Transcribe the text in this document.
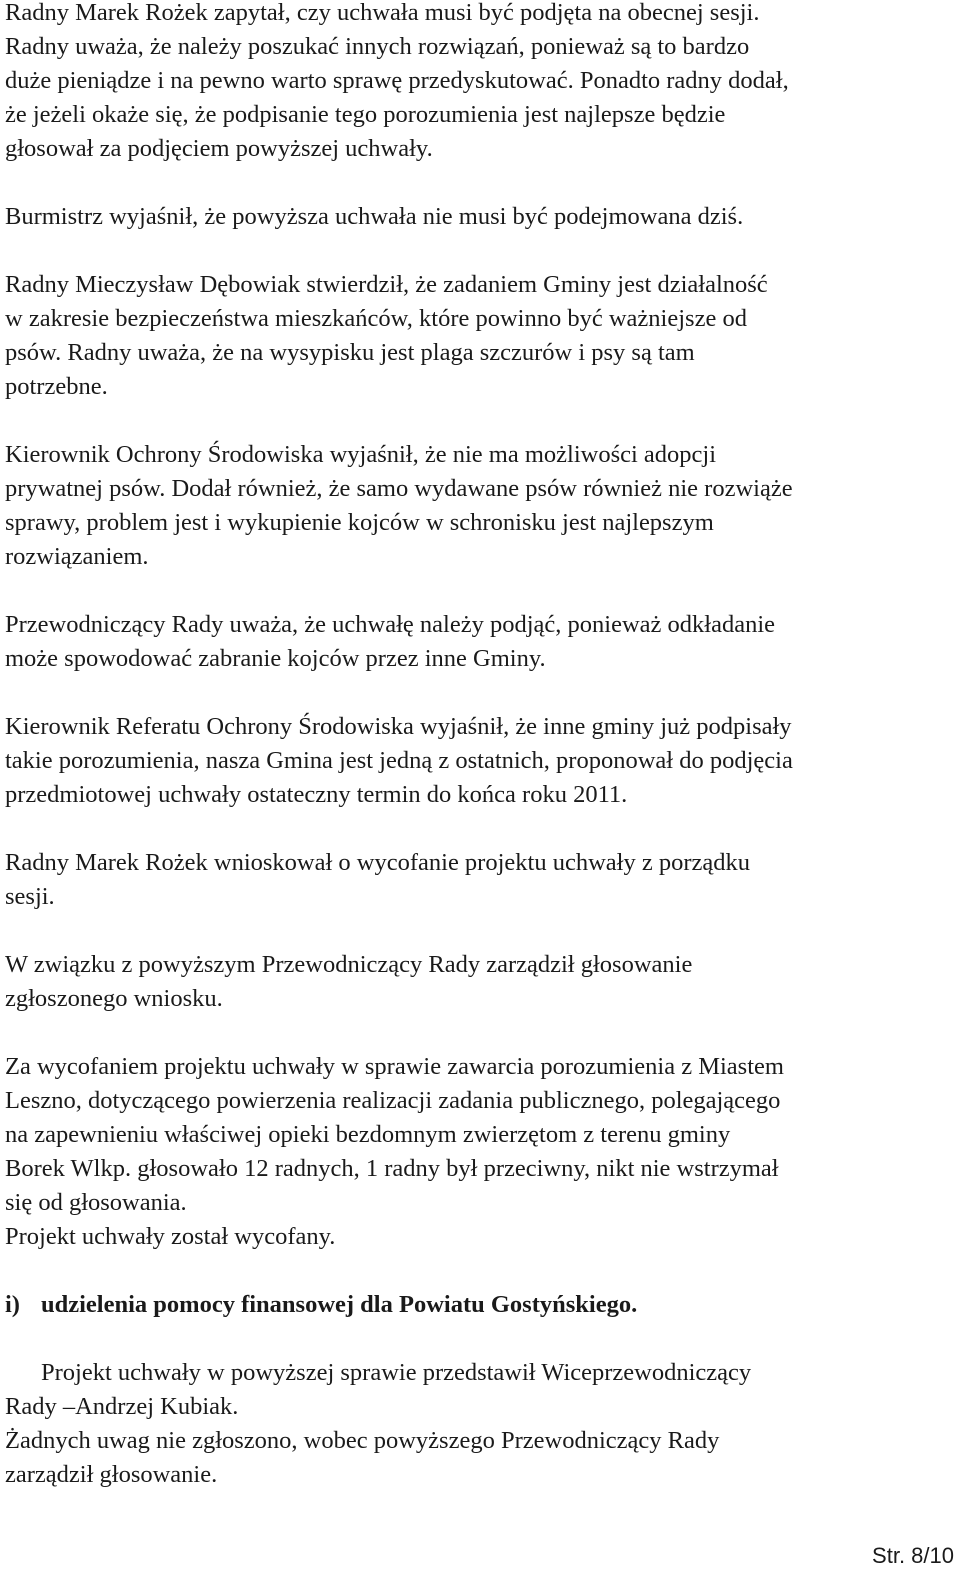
Radny Marek Rożek zapytał, czy uchwała musi być podjęta na obecnej sesji.
Radny uważa, że należy poszukać innych rozwiązań, ponieważ są to bardzo
duże pieniądze i na pewno warto sprawę przedyskutować. Ponadto radny dodał,
że jeżeli okaże się, że podpisanie tego porozumienia jest najlepsze będzie
głosował za podjęciem powyższej uchwały.
Burmistrz wyjaśnił, że powyższa uchwała nie musi być podejmowana dziś.
Radny Mieczysław Dębowiak stwierdził, że zadaniem Gminy jest działalność
w zakresie bezpieczeństwa mieszkańców, które powinno być ważniejsze od
psów. Radny uważa, że na wysypisku jest plaga szczurów i psy są tam
potrzebne.
Kierownik Ochrony Środowiska wyjaśnił, że nie ma możliwości adopcji
prywatnej psów. Dodał również, że samo wydawane psów również nie rozwiąże
sprawy, problem jest i wykupienie kojców w schronisku jest najlepszym
rozwiązaniem.
Przewodniczący Rady uważa, że uchwałę należy podjąć, ponieważ odkładanie
może spowodować zabranie kojców przez inne Gminy.
Kierownik Referatu Ochrony Środowiska wyjaśnił, że inne gminy już podpisały
takie porozumienia, nasza Gmina jest jedną z ostatnich, proponował do podjęcia
przedmiotowej uchwały ostateczny termin do końca roku 2011.
Radny Marek Rożek wnioskował o wycofanie projektu uchwały z porządku
sesji.
W związku z powyższym Przewodniczący Rady zarządził głosowanie
zgłoszonego wniosku.
Za wycofaniem projektu uchwały w sprawie zawarcia porozumienia z Miastem
Leszno, dotyczącego powierzenia realizacji zadania publicznego, polegającego
na zapewnieniu właściwej opieki bezdomnym zwierzętom z terenu gminy
Borek Wlkp. głosowało 12 radnych, 1 radny był przeciwny, nikt nie wstrzymał
się od głosowania.
Projekt uchwały został wycofany.
i) udzielenia pomocy finansowej dla Powiatu Gostyńskiego.
Projekt uchwały w powyższej sprawie przedstawił Wiceprzewodniczący
Rady –Andrzej Kubiak.
Żadnych uwag nie zgłoszono, wobec powyższego Przewodniczący Rady
zarządził głosowanie.
Str. 8/10
